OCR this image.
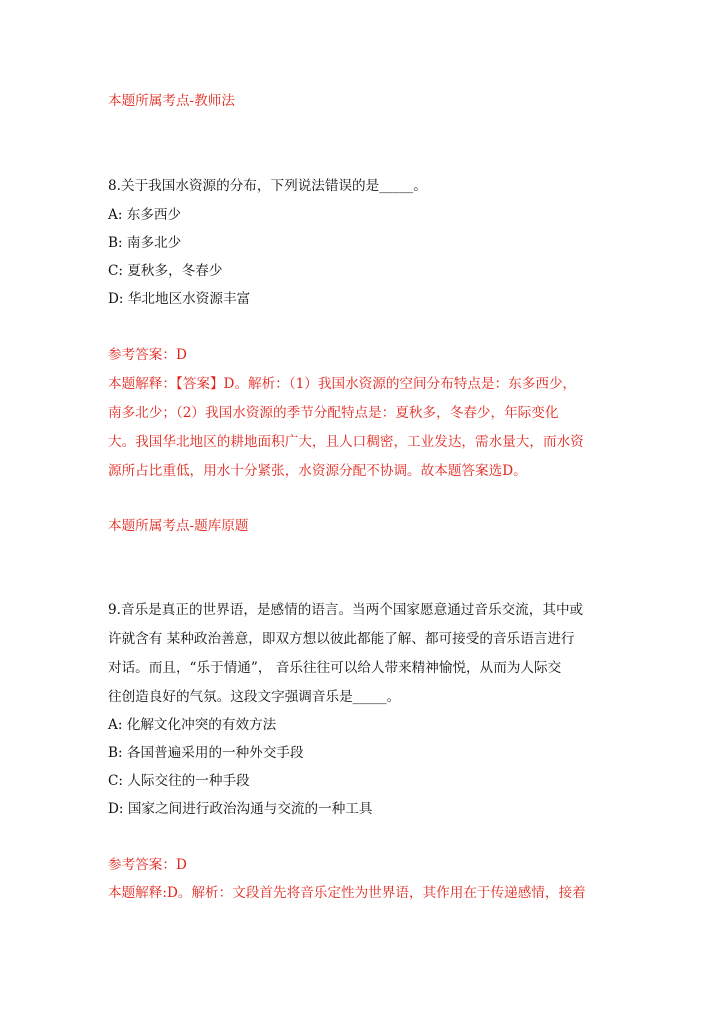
本题所属考点-教师法
8.关于我国水资源的分布，下列说法错误的是_____。
A: 东多西少
B: 南多北少
C: 夏秋多，冬春少
D: 华北地区水资源丰富
参考答案：D
本题解释：【答案】D。解析：（1）我国水资源的空间分布特点是：东多西少，
南多北少；（2）我国水资源的季节分配特点是：夏秋多，冬春少，年际变化
大。我国华北地区的耕地面积广大，且人口稠密，工业发达，需水量大，而水资
源所占比重低，用水十分紧张，水资源分配不协调。故本题答案选D。
本题所属考点-题库原题
9.音乐是真正的世界语，是感情的语言。当两个国家愿意通过音乐交流，其中或
许就含有 某种政治善意，即双方想以彼此都能了解、都可接受的音乐语言进行
对话。而且，“乐于情通”， 音乐往往可以给人带来精神愉悦，从而为人际交
往创造良好的气氛。这段文字强调音乐是_____。
A: 化解文化冲突的有效方法
B: 各国普遍采用的一种外交手段
C: 人际交往的一种手段
D: 国家之间进行政治沟通与交流的一种工具
参考答案：D
本题解释:D。解析：文段首先将音乐定性为世界语，其作用在于传递感情，接着
